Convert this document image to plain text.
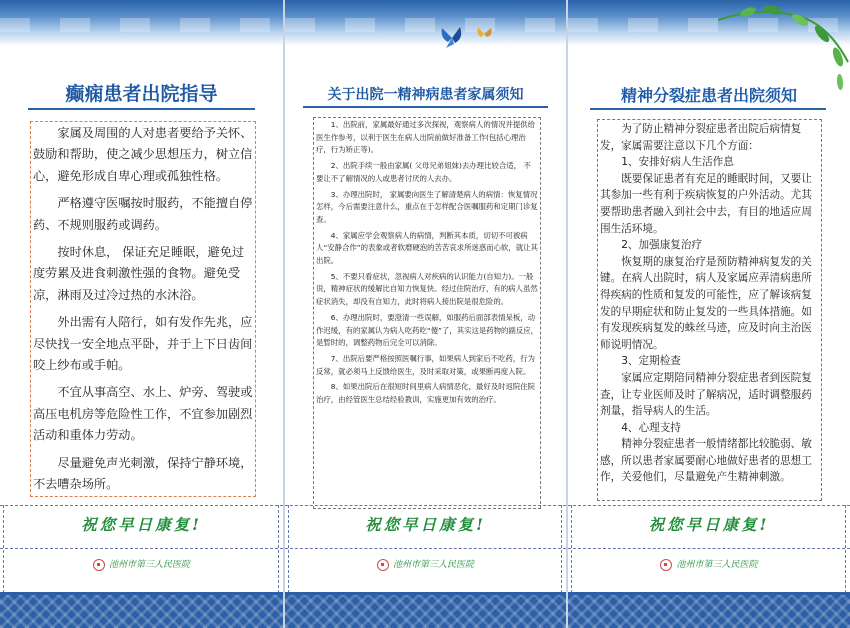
癫痫患者出院指导

家属及周围的人对患者要给予关怀、鼓励和帮助，使之减少思想压力，树立信心，避免形成自卑心理或孤独性格。

严格遵守医嘱按时服药，不能擅自停药、不规则服药或调药。

按时休息， 保证充足睡眠，避免过度劳累及进食刺激性强的食物。避免受凉，淋雨及过冷过热的水沐浴。

外出需有人陪行，如有发作先兆，应尽快找一安全地点平卧，并于上下日齿间咬上纱布或手帕。

不宜从事高空、水上、炉旁、驾驶或高压电机房等危险性工作，不宜参加剧烈活动和重体力劳动。

尽量避免声光刺激，保持宁静环境，不去嘈杂场所。

祝您早日康复!
池州市第三人民医院
关于出院一精神病患者家属须知

1、出院前，家属最好通过多次探视，观察病人的情况并提供给医生作参考，以利于医生在病人出院前做好准备工作(包括心理治疗，行为矫正等)。

2、出院手续一般由家属( 父母兄弟姐妹)去办理比较合适， 不要让不了解情况的人或患者讨厌的人去办。

3、办理出院时， 家属要向医生了解清楚病人的病情：恢复情况怎样，今后需要注意什么，重点在于怎样配合医嘱服药和定期门诊复查。

4、家属应学会观察病人的病情，判断其本质，切切不可被病人“安静合作”的表象或者软磨硬泡的苦苦哀求所迷惑而心软，就让其出院。

5、不要只看症状，忽视病人对疾病的认识能力(自知力)。一般说，精神症状的缓解比自知力恢复快。经过住院治疗，有的病人虽然症状消失，却没有自知力，此时将病人接出院是很危险的。

6、办理出院时，要澄清一些误解，如服药后面部表情呆板，动作迟缓，有的家属认为病人吃药吃“傻”了，其实这是药物的副反应，是暂时的，调整药物后完全可以消除。

7、出院后要严格按照医嘱行事，如果病人到家后不吃药，行为反常，就必须马上反馈给医生，及时采取对策，或果断再度入院。

8、如果出院后在很短时间里病人病情恶化，最好及时返院住院治疗，由经管医生总结经验教训，实施更加有效的治疗。

祝您早日康复!
池州市第三人民医院
精神分裂症患者出院须知

为了防止精神分裂症患者出院后病情复发，家属需要注意以下几个方面：

1、安排好病人生活作息

既要保证患者有充足的睡眠时间，又要让其参加一些有利于疾病恢复的户外活动。尤其要帮助患者融入到社会中去，有目的地适应周围生活环境。

2、加强康复治疗

恢复期的康复治疗是预防精神病复发的关键。在病人出院时，病人及家属应弄清病患所得疾病的性质和复发的可能性，应了解该病复发的早期症状和防止复发的一些具体措施。如有发现疾病复发的蛛丝马迹，应及时向主治医师说明情况。

3、定期检查

家属应定期陪同精神分裂症患者到医院复查，让专业医师及时了解病况，适时调整服药剂量，指导病人的生活。

4、心理支持

精神分裂症患者一般情绪都比较脆弱、敏感，所以患者家属要耐心地做好患者的思想工作，关爱他们，尽量避免产生精神刺激。

祝您早日康复!
池州市第三人民医院
